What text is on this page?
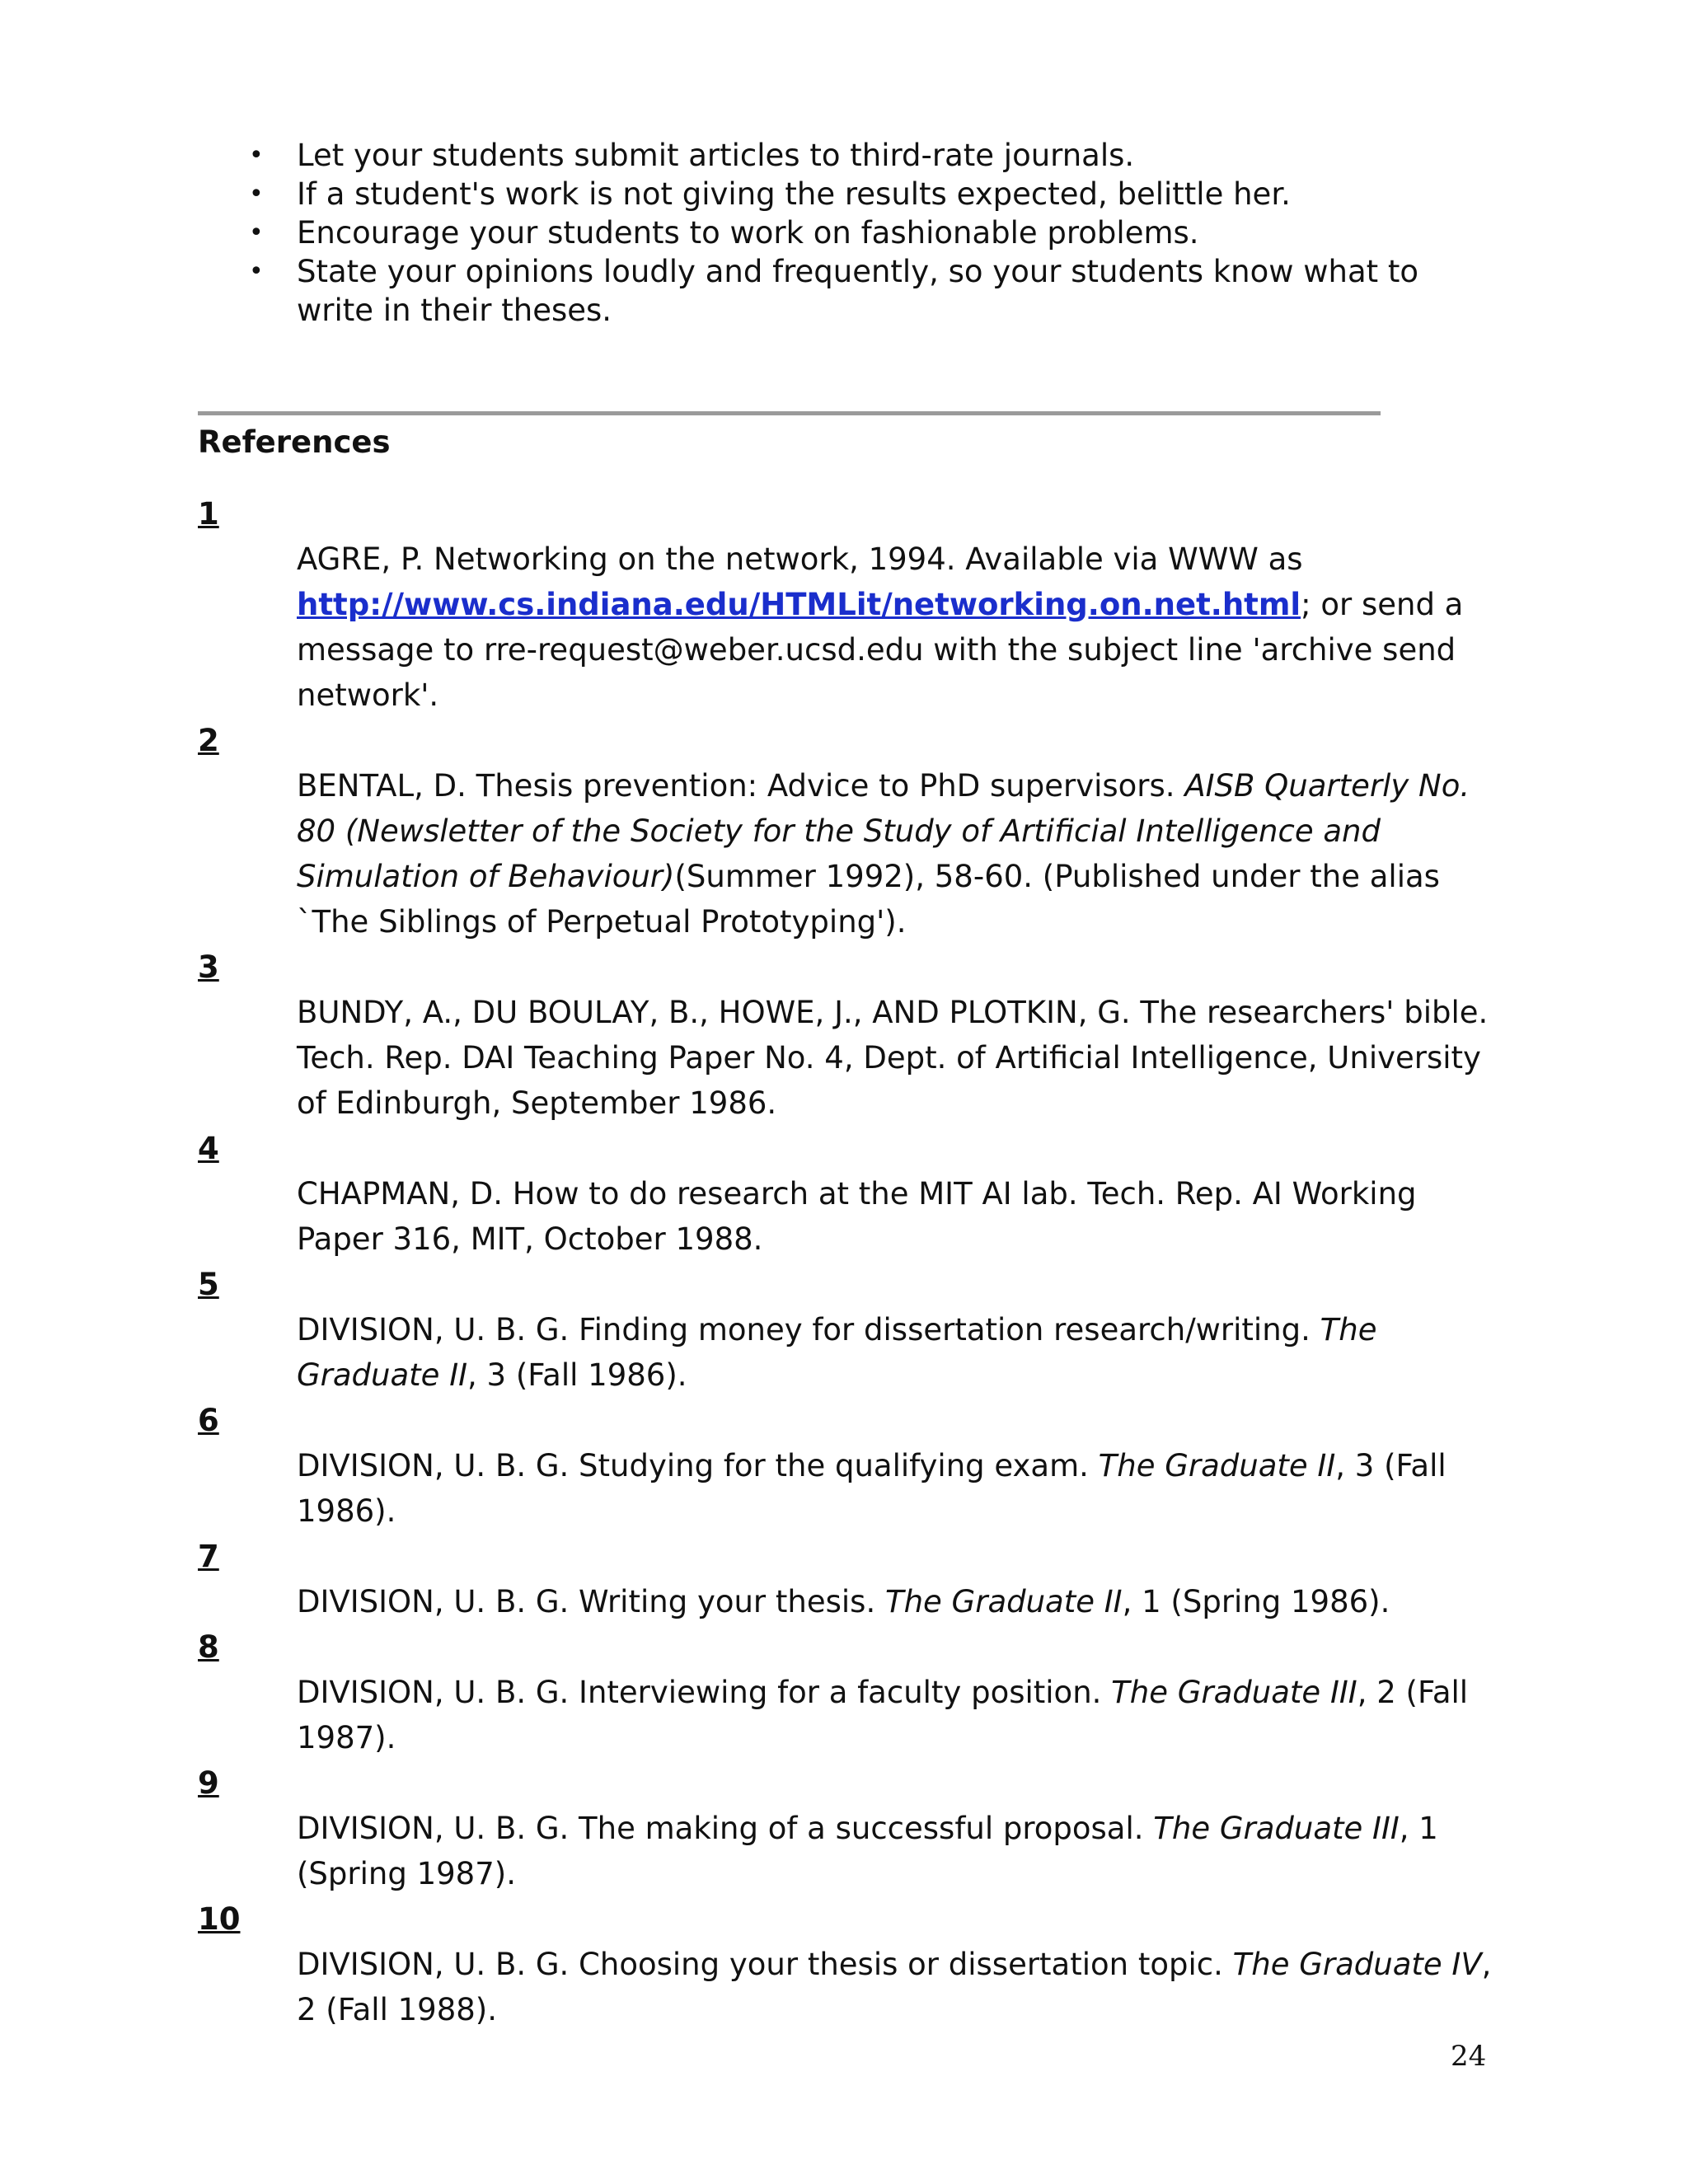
• Let your students submit articles to third-rate journals.
• If a student's work is not giving the results expected, belittle her.
• Encourage your students to work on fashionable problems.
• State your opinions loudly and frequently, so your students know what to write in their theses.
References
1
AGRE, P. Networking on the network, 1994. Available via WWW as http://www.cs.indiana.edu/HTMLit/networking.on.net.html; or send a message to rre-request@weber.ucsd.edu with the subject line 'archive send network'.
2
BENTAL, D. Thesis prevention: Advice to PhD supervisors. AISB Quarterly No. 80 (Newsletter of the Society for the Study of Artificial Intelligence and Simulation of Behaviour)(Summer 1992), 58-60. (Published under the alias `The Siblings of Perpetual Prototyping').
3
BUNDY, A., DU BOULAY, B., HOWE, J., AND PLOTKIN, G. The researchers' bible. Tech. Rep. DAI Teaching Paper No. 4, Dept. of Artificial Intelligence, University of Edinburgh, September 1986.
4
CHAPMAN, D. How to do research at the MIT AI lab. Tech. Rep. AI Working Paper 316, MIT, October 1988.
5
DIVISION, U. B. G. Finding money for dissertation research/writing. The Graduate II, 3 (Fall 1986).
6
DIVISION, U. B. G. Studying for the qualifying exam. The Graduate II, 3 (Fall 1986).
7
DIVISION, U. B. G. Writing your thesis. The Graduate II, 1 (Spring 1986).
8
DIVISION, U. B. G. Interviewing for a faculty position. The Graduate III, 2 (Fall 1987).
9
DIVISION, U. B. G. The making of a successful proposal. The Graduate III, 1 (Spring 1987).
10
DIVISION, U. B. G. Choosing your thesis or dissertation topic. The Graduate IV, 2 (Fall 1988).
24
